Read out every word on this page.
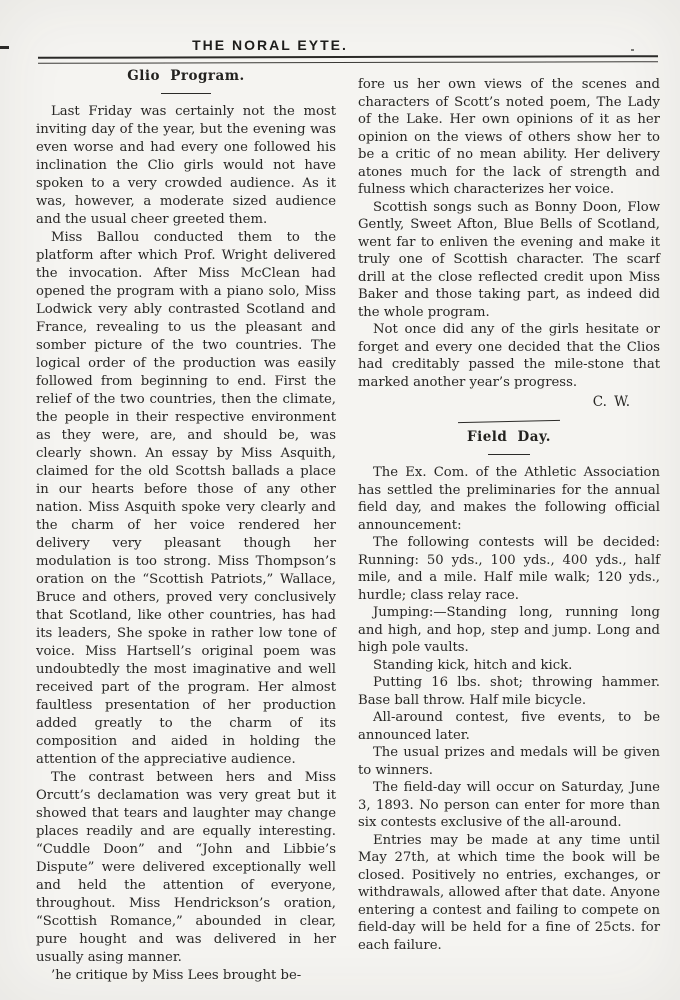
THE NORAL EYTE.
Glio Program.

Last Friday was certainly not the most inviting day of the year, but the evening was even worse and had every one followed his inclination the Clio girls would not have spoken to a very crowded audience. As it was, however, a moderate sized audience and the usual cheer greeted them.

Miss Ballou conducted them to the platform after which Prof. Wright delivered the invocation. After Miss McClean had opened the program with a piano solo, Miss Lodwick very ably contrasted Scotland and France, revealing to us the pleasant and somber picture of the two countries. The logical order of the production was easily followed from beginning to end. First the relief of the two countries, then the climate, the people in their respective environment as they were, are, and should be, was clearly shown. An essay by Miss Asquith, claimed for the old Scottsh ballads a place in our hearts before those of any other nation. Miss Asquith spoke very clearly and the charm of her voice rendered her delivery very pleasant though her modulation is too strong. Miss Thompson’s oration on the “Scottish Patriots,” Wallace, Bruce and others, proved very conclusively that Scotland, like other countries, has had its leaders, She spoke in rather low tone of voice. Miss Hartsell’s original poem was undoubtedly the most imaginative and well received part of the program. Her almost faultless presentation of her production added greatly to the charm of its composition and aided in holding the attention of the appreciative audience.

The contrast between hers and Miss Orcutt’s declamation was very great but it showed that tears and laughter may change places readily and are equally interesting. “Cuddle Doon” and “John and Libbie’s Dispute” were delivered exceptionally well and held the attention of everyone, throughout. Miss Hendrickson’s oration, “Scottish Romance,” abounded in clear, pure hought and was delivered in her usually asing manner.

’he critique by Miss Lees brought be-

fore us her own views of the scenes and characters of Scott’s noted poem, The Lady of the Lake. Her own opinions of it as her opinion on the views of others show her to be a critic of no mean ability. Her delivery atones much for the lack of strength and fulness which characterizes her voice.

Scottish songs such as Bonny Doon, Flow Gently, Sweet Afton, Blue Bells of Scotland, went far to enliven the evening and make it truly one of Scottish character. The scarf drill at the close reflected credit upon Miss Baker and those taking part, as indeed did the whole program.

Not once did any of the girls hesitate or forget and every one decided that the Clios had creditably passed the mile-stone that marked another year’s progress.

C. W.
Field Day.

The Ex. Com. of the Athletic Association has settled the preliminaries for the annual field day, and makes the following official announcement:

The following contests will be decided: Running: 50 yds., 100 yds., 400 yds., half mile, and a mile. Half mile walk; 120 yds., hurdle; class relay race.

Jumping:—Standing long, running long and high, and hop, step and jump. Long and high pole vaults.

Standing kick, hitch and kick.

Putting 16 lbs. shot; throwing hammer. Base ball throw. Half mile bicycle.

All-around contest, five events, to be announced later.

The usual prizes and medals will be given to winners.

The field-day will occur on Saturday, June 3, 1893. No person can enter for more than six contests exclusive of the all-around.

Entries may be made at any time until May 27th, at which time the book will be closed. Positively no entries, exchanges, or withdrawals, allowed after that date. Anyone entering a contest and failing to compete on field-day will be held for a fine of 25cts. for each failure.
